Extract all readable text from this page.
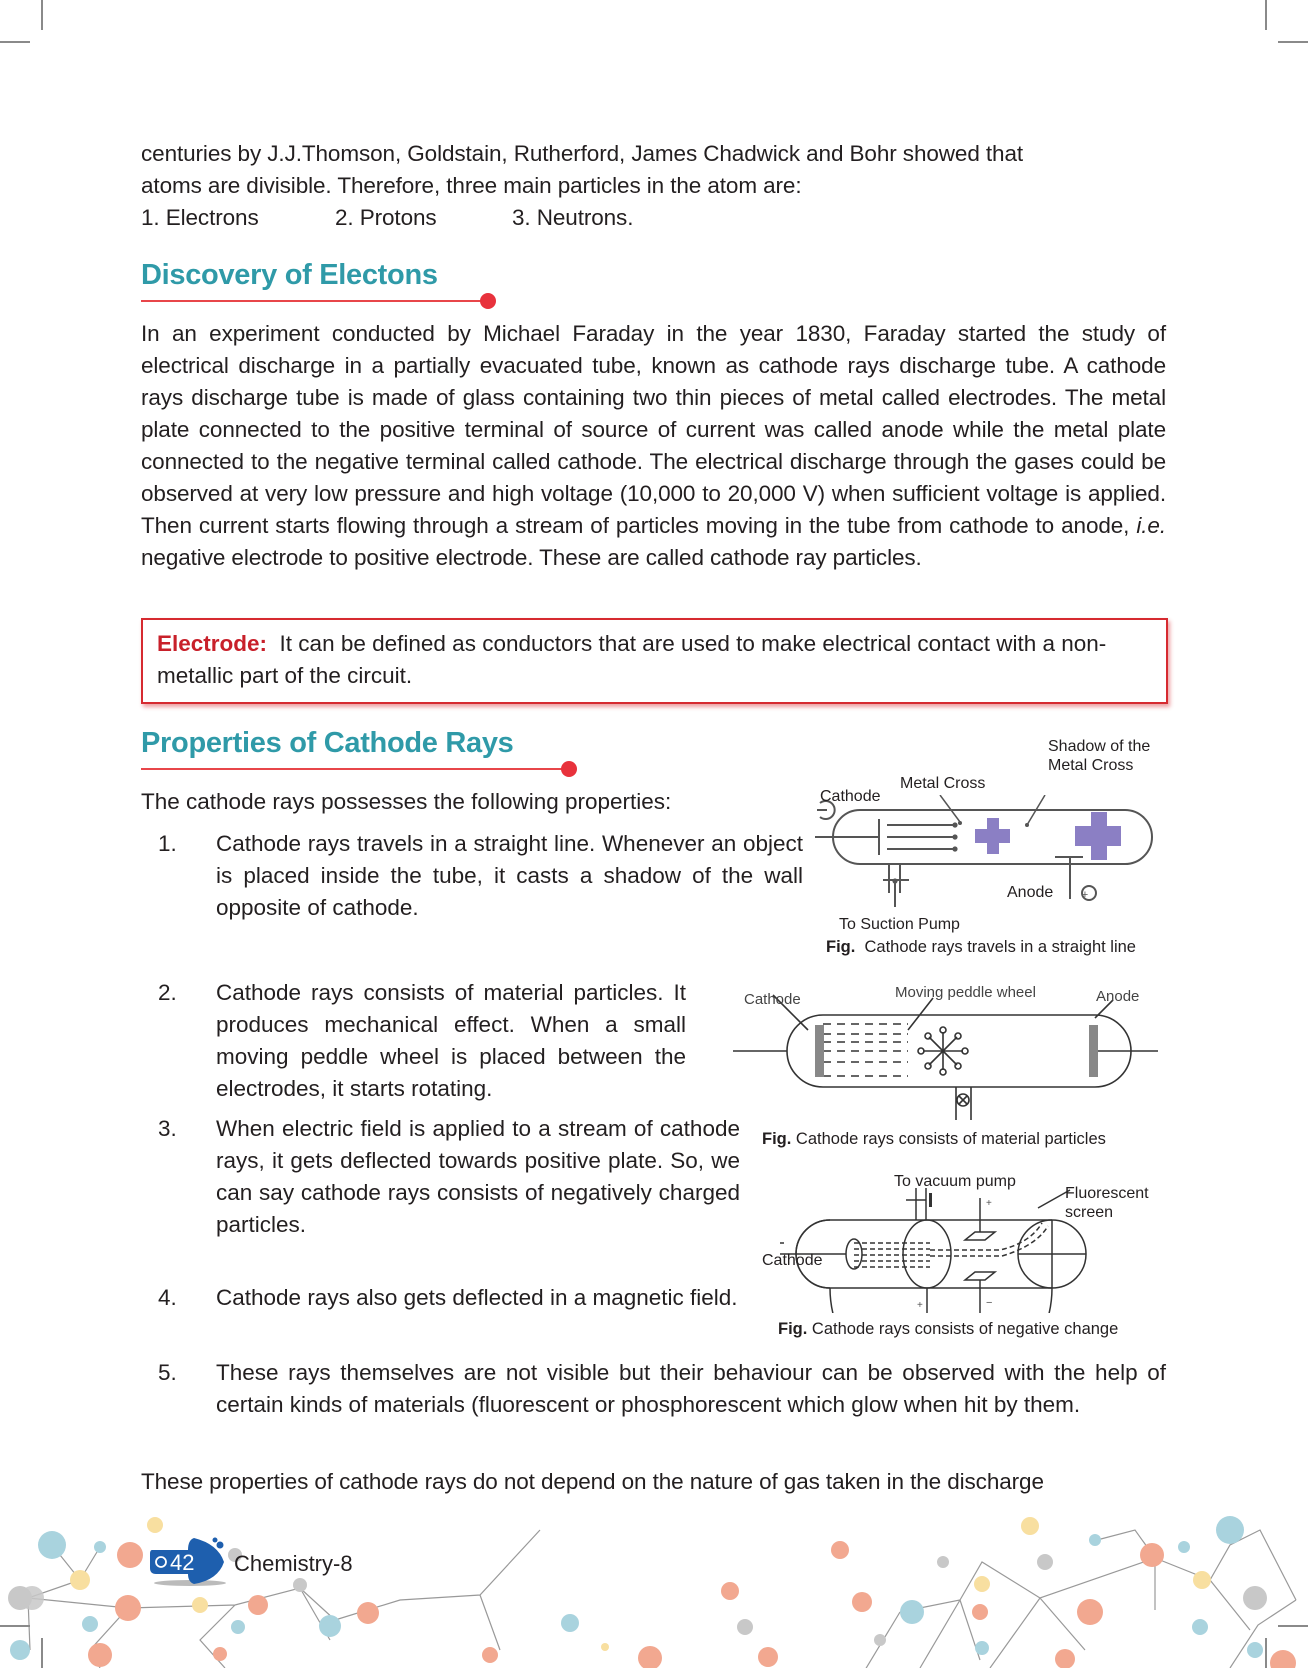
centuries by J.J.Thomson, Goldstain, Rutherford, James Chadwick and Bohr showed that

atoms are divisible. Therefore, three main particles in the atom are:

1. Electrons	2. Protons	3. Neutrons.

Discovery of Electons

In an experiment conducted by Michael Faraday in the year 1830, Faraday started the study of electrical discharge in a partially evacuated tube, known as cathode rays discharge tube. A cathode rays discharge tube is made of glass containing two thin pieces of metal called electrodes. The metal plate connected to the positive terminal of source of current was called anode while the metal plate connected to the negative terminal called cathode. The electrical discharge through the gases could be observed at very low pressure and high voltage (10,000 to 20,000 V) when sufficient voltage is applied. Then current starts flowing through a stream of particles moving in the tube from cathode to anode, i.e. negative electrode to positive electrode. These are called cathode ray particles.

Electrode: It can be defined as conductors that are used to make electrical contact with a non-metallic part of the circuit.
Properties of Cathode Rays
The cathode rays possesses the following properties:
1. Cathode rays travels in a straight line. Whenever an object is placed inside the tube, it casts a shadow of the wall opposite of cathode.
2. Cathode rays consists of material particles. It produces mechanical effect. When a small moving peddle wheel is placed between the electrodes, it starts rotating.
3. When electric field is applied to a stream of cathode rays, it gets deflected towards positive plate. So, we can say cathode rays consists of negatively charged particles.
4. Cathode rays also gets deflected in a magnetic field.
5. These rays themselves are not visible but their behaviour can be observed with the help of certain kinds of materials (fluorescent or phosphorescent which glow when hit by them.
These properties of cathode rays do not depend on the nature of gas taken in the discharge
+
Cathode
Metal Cross
Shadow of the Metal Cross
Anode
To Suction Pump
Fig. Cathode rays travels in a straight line
Cathode	Moving peddle wheel	Anode
Fig. Cathode rays consists of material particles
+
−
+
To vacuum pump
Fluorescent screen
Cathode
Fig. Cathode rays consists of negative change
42 Chemistry-8
